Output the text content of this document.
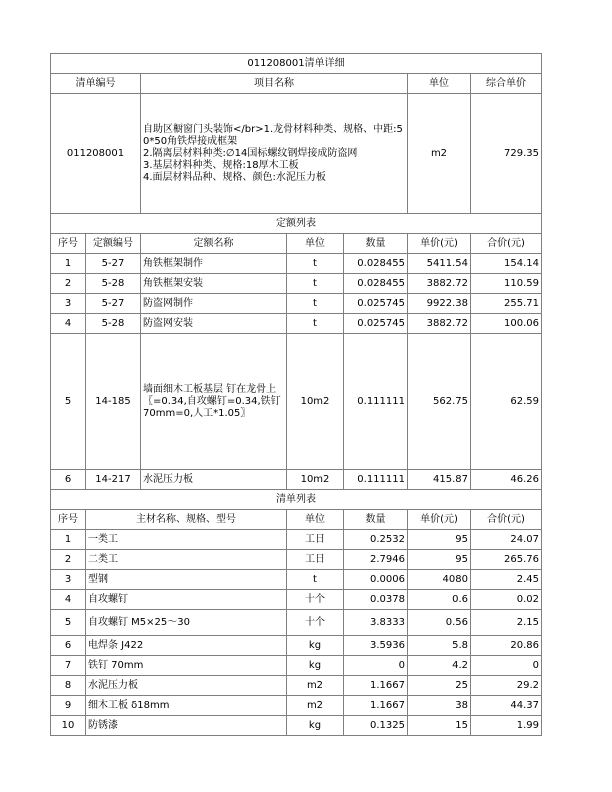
011208001清单详细						
清单编号		项目名称			单位	综合单价
011208001		自助区橱窗门头装饰</br>1.龙骨材料种类、规格、中距:50*50角铁焊接成框架
2.隔离层材料种类:∅14国标螺纹钢焊接成防盗网
3.基层材料种类、规格:18厚木工板
4.面层材料品种、规格、颜色:水泥压力板			m2	729.35
定额列表						
序号	定额编号	定额名称	单位	数量	单价(元)	合价(元)
1	5-27	角铁框架制作	t	0.028455	5411.54	154.14
2	5-28	角铁框架安装	t	0.028455	3882.72	110.59
3	5-27	防盗网制作	t	0.025745	9922.38	255.71
4	5-28	防盗网安装	t	0.025745	3882.72	100.06
5	14-185	墙面细木工板基层 钉在龙骨上〖=0.34,自攻螺钉=0.34,铁钉 70mm=0,人工*1.05〗	10m2	0.111111	562.75	62.59
6	14-217	水泥压力板	10m2	0.111111	415.87	46.26
清单列表						
序号	主材名称、规格、型号		单位	数量	单价(元)	合价(元)
1	一类工		工日	0.2532	95	24.07
2	二类工		工日	2.7946	95	265.76
3	型钢		t	0.0006	4080	2.45
4	自攻螺钉		十个	0.0378	0.6	0.02
5	自攻螺钉 M5×25～30		十个	3.8333	0.56	2.15
6	电焊条 J422		kg	3.5936	5.8	20.86
7	铁钉 70mm		kg	0	4.2	0
8	水泥压力板		m2	1.1667	25	29.2
9	细木工板 δ18mm		m2	1.1667	38	44.37
10	防锈漆		kg	0.1325	15	1.99
